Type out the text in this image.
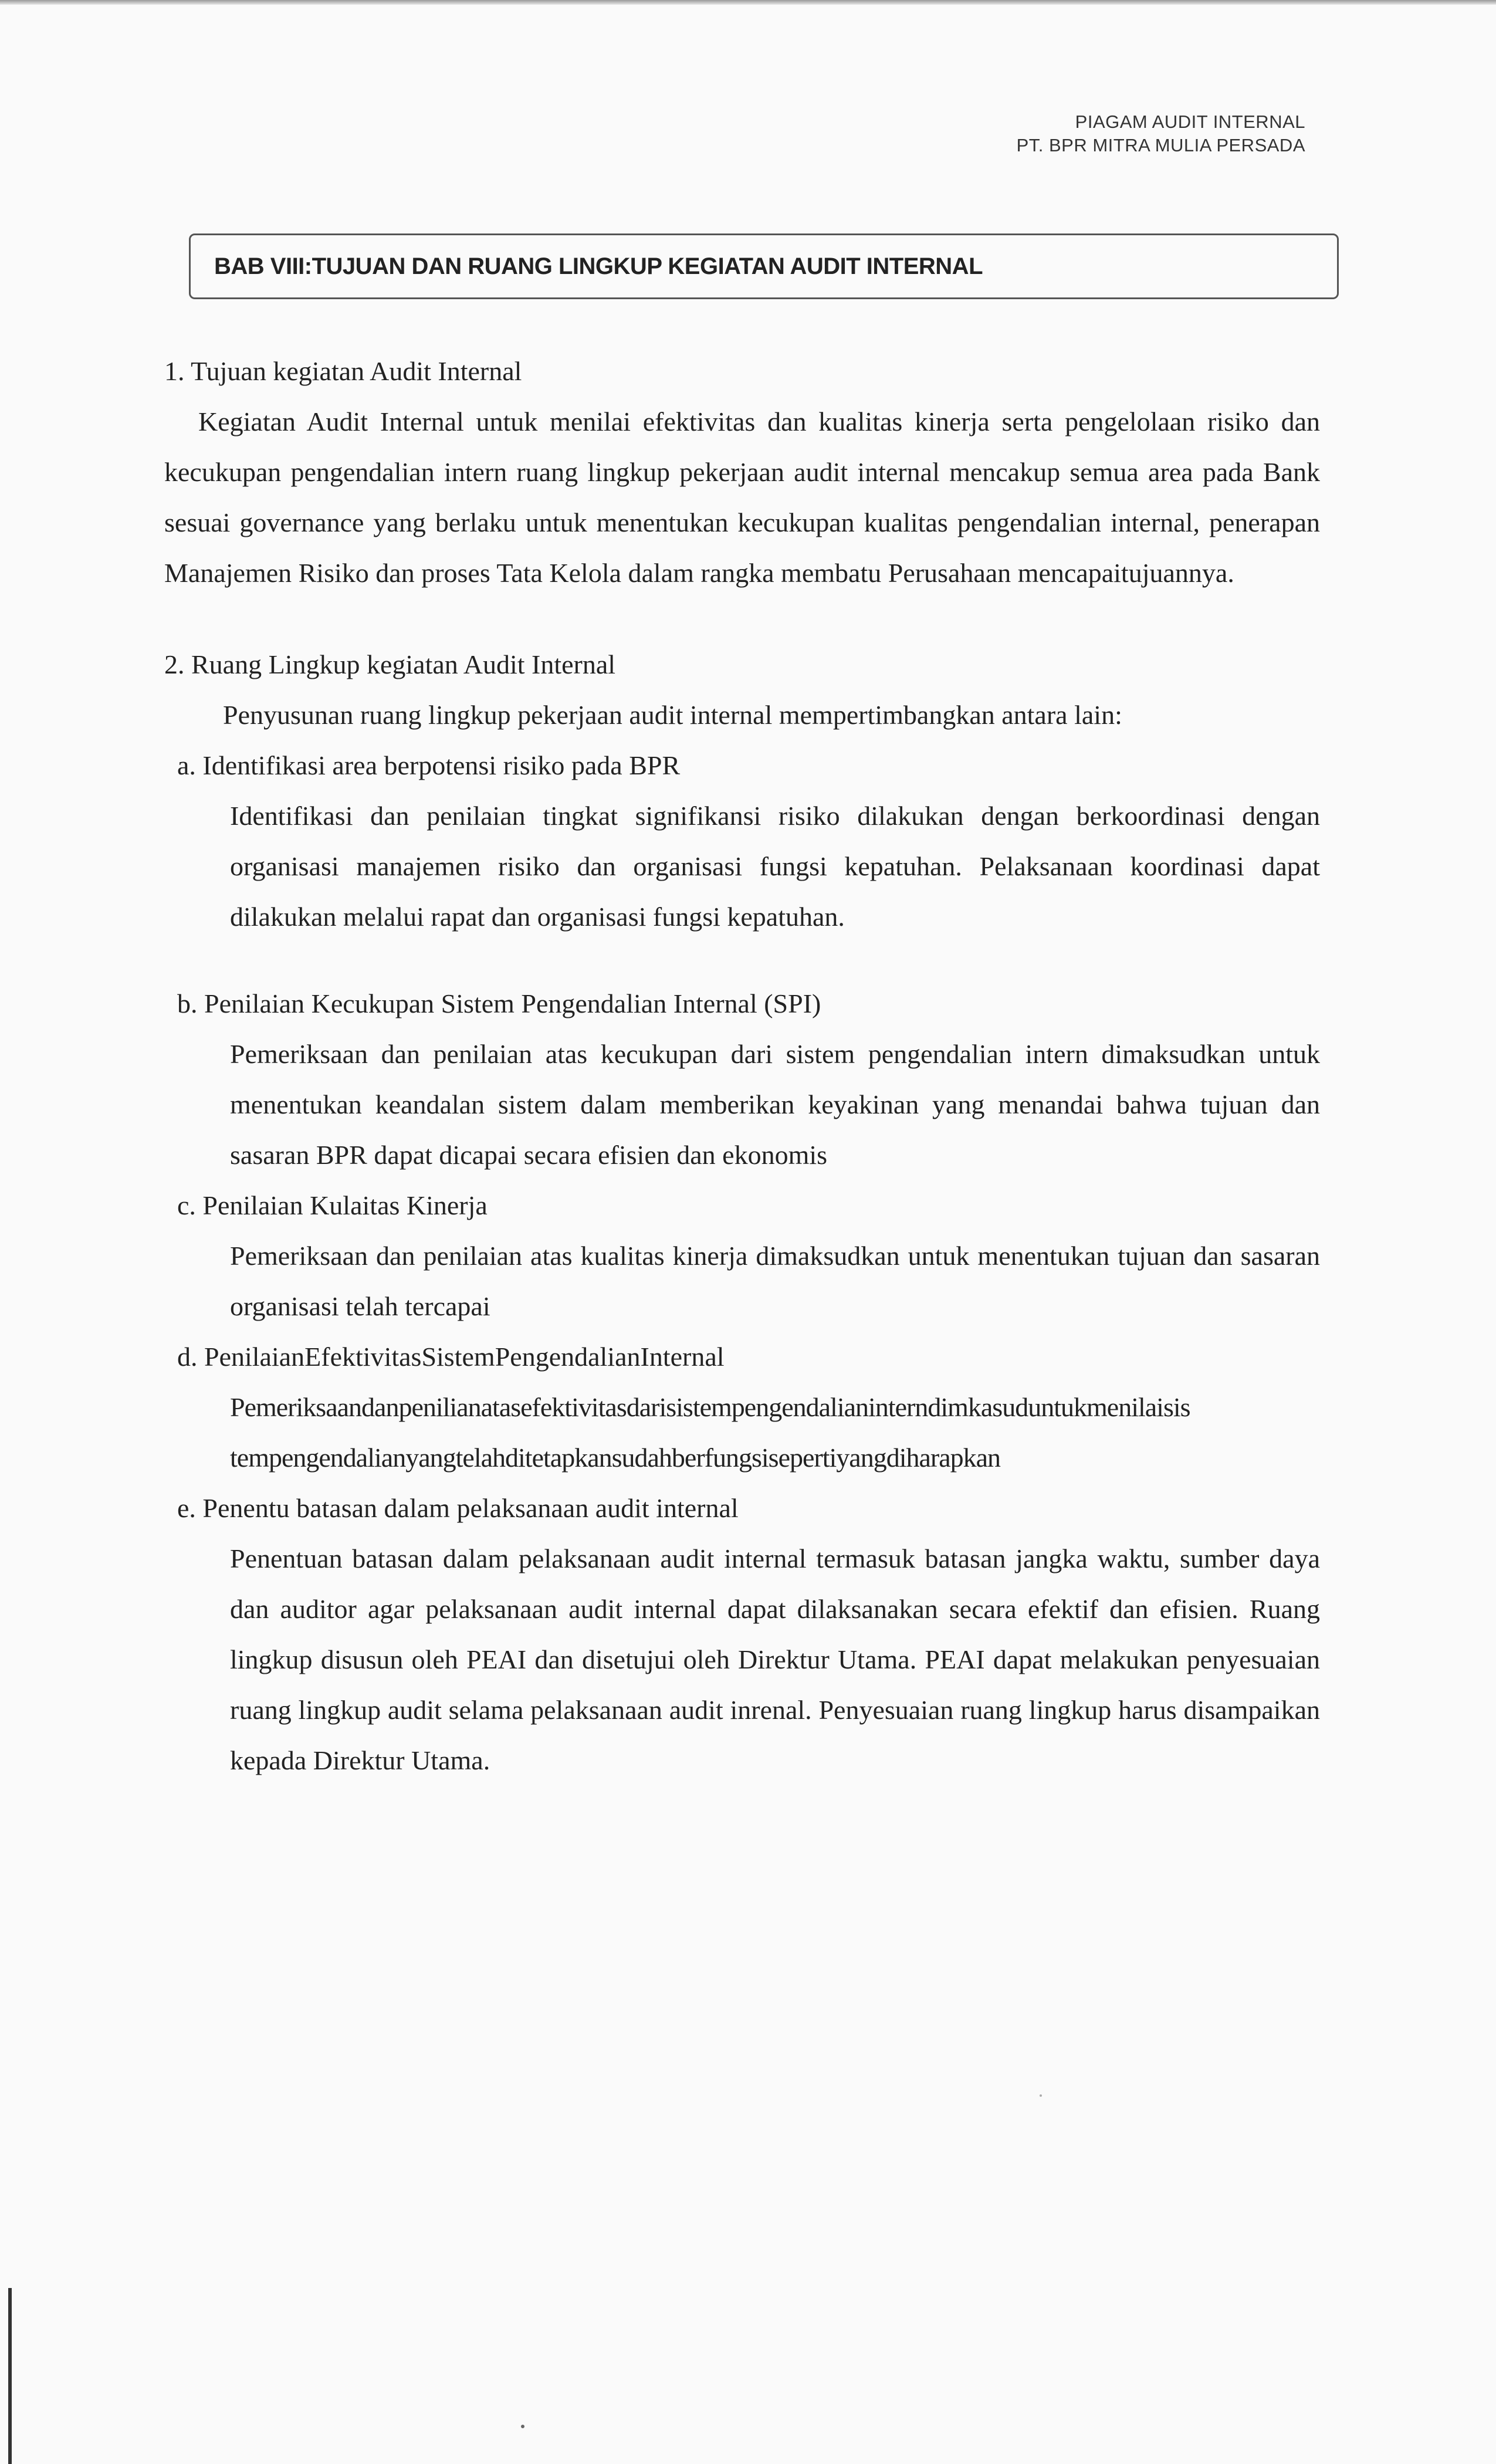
PIAGAM AUDIT INTERNAL
PT. BPR MITRA MULIA PERSADA
BAB VIII:TUJUAN DAN RUANG LINGKUP KEGIATAN AUDIT INTERNAL

1. Tujuan kegiatan Audit Internal

Kegiatan Audit Internal untuk menilai efektivitas dan kualitas kinerja serta pengelolaan risiko dan kecukupan pengendalian intern ruang lingkup pekerjaan audit internal mencakup semua area pada Bank sesuai governance yang berlaku untuk menentukan kecukupan kualitas pengendalian internal, penerapan Manajemen Risiko dan proses Tata Kelola dalam rangka membatu Perusahaan mencapaitujuannya.

2. Ruang Lingkup kegiatan Audit Internal

Penyusunan ruang lingkup pekerjaan audit internal mempertimbangkan antara lain:

a. Identifikasi area berpotensi risiko pada BPR

Identifikasi dan penilaian tingkat signifikansi risiko dilakukan dengan berkoordinasi dengan organisasi manajemen risiko dan organisasi fungsi kepatuhan. Pelaksanaan koordinasi dapat dilakukan melalui rapat dan organisasi fungsi kepatuhan.

b. Penilaian Kecukupan Sistem Pengendalian Internal (SPI)

Pemeriksaan dan penilaian atas kecukupan dari sistem pengendalian intern dimaksudkan untuk menentukan keandalan sistem dalam memberikan keyakinan yang menandai bahwa tujuan dan sasaran BPR dapat dicapai secara efisien dan ekonomis

c. Penilaian Kulaitas Kinerja

Pemeriksaan dan penilaian atas kualitas kinerja dimaksudkan untuk menentukan tujuan dan sasaran organisasi telah tercapai

d. PenilaianEfektivitasSistemPengendalianInternal

Pemeriksaandanpenilianatasefektivitasdarisistempengendalianinterndimkasuduntukmenilaisis

tempengendalianyangtelahditetapkansudahberfungsisepertiyangdiharapkan

e. Penentu batasan dalam pelaksanaan audit internal

Penentuan batasan dalam pelaksanaan audit internal termasuk batasan jangka waktu, sumber daya dan auditor agar pelaksanaan audit internal dapat dilaksanakan secara efektif dan efisien. Ruang lingkup disusun oleh PEAI dan disetujui oleh Direktur Utama. PEAI dapat melakukan penyesuaian ruang lingkup audit selama pelaksanaan audit inrenal. Penyesuaian ruang lingkup harus disampaikan kepada Direktur Utama.
